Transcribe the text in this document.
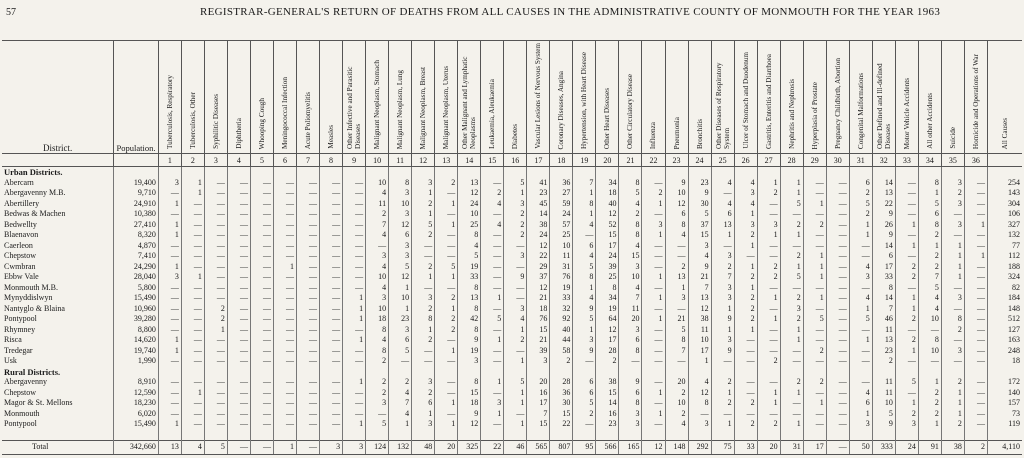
57	REGISTRAR-GENERAL'S RETURN OF DEATHS FROM ALL CAUSES IN THE ADMINISTRATIVE COUNTY OF MONMOUTH FOR THE YEAR 1963
District.	Population.	Tuberculosis, Respiratory	Tuberculosis, Other	Syphilitic Diseases	Diphtheria	Whooping Cough	Meningococcal Infection	Acute Poliomyelitis	Measles	Other Infective and Parasitic Diseases	Malignant Neoplasm, Stomach	Malignant Neoplasm, Lung	Malignant Neoplasm, Breast	Malignant Neoplasm, Uterus	Other Malignant and Lymphatic Neoplasms	Leukaemia, Aleukaemia	Diabetes	Vascular Lesions of Nervous System	Coronary Diseases, Angina	Hypertension, with Heart Disease	Other Heart Diseases	Other Circulatory Disease	Influenza	Pneumonia	Bronchitis	Other Diseases of Respiratory System	Ulcer of Stomach and Duodenum	Gastritis, Enteritis and Diarrhoea	Nephritis and Nephrosis	Hyperplasia of Prostate	Pregnancy Childbirth, Abortion	Congenital Malformations	Other Defined and Ill-defined Diseases	Motor Vehicle Accidents	All other Accidents	Suicide	Homicide and Operations of War	All Causes
		1	2	3	4	5	6	7	8	9	10	11	12	13	14	15	16	17	18	19	20	21	22	23	24	25	26	27	28	29	30	31	32	33	34	35	36	
Urban Districts.																																						
Abercarn	19,400	3	1	—	—	—	—	—	—	—	10	8	3	2	13	—	5	41	36	7	34	8	—	9	23	4	4	1	1	—	—	6	14	—	8	3	—	254
Abergavenny M.B.	9,710	—	1	—	—	—	—	—	—	—	4	3	1	—	12	2	1	23	27	1	18	5	2	10	9	—	3	2	1	—	—	2	13	—	1	2	—	143
Abertillery	24,910	1	—	—	—	—	—	—	—	—	11	10	2	1	24	4	3	45	59	8	40	4	1	12	30	4	4	—	5	1	—	5	22	—	5	3	—	304
Bedwas & Machen	10,380	—	—	—	—	—	—	—	—	—	2	3	1	—	10	—	2	14	24	1	12	2	—	6	5	6	1	—	—	—	—	2	9	—	6	—	—	106
Bedwellty	27,410	1	—	—	—	—	—	—	—	—	7	12	5	1	25	4	2	38	57	4	52	8	3	8	37	13	3	3	2	2	—	1	26	1	8	3	1	327
Blaenavon	8,320	1	—	—	—	—	—	—	—	—	4	6	2	—	8	—	2	24	25	—	15	8	1	4	15	1	2	1	1	—	—	1	9	—	2	—	—	132
Caerleon	4,870	—	—	—	—	—	—	—	—	—	—	3	—	—	4	—	—	12	10	6	17	4	—	—	3	—	1	—	—	—	—	—	14	1	1	1	—	77
Chepstow	7,410	—	—	—	—	—	—	—	—	—	3	3	—	—	5	—	3	22	11	4	24	15	—	—	4	3	—	—	2	1	—	—	6	—	2	1	1	112
Cwmbran	24,290	1	—	—	—	—	1	—	—	—	4	5	2	5	19	—	—	29	31	5	39	3	—	2	9	2	1	2	1	1	—	4	17	2	2	1	—	188
Ebbw Vale	28,040	3	1	—	—	—	—	—	—	—	10	12	1	1	33	—	9	37	76	8	25	10	1	13	21	7	2	2	5	1	—	3	33	2	7	1	—	324
Monmouth M.B.	5,800	—	—	—	—	—	—	—	—	—	4	1	—	—	8	—	—	12	19	1	8	4	—	1	7	3	1	—	—	—	—	—	8	—	5	—	—	82
Mynyddislwyn	15,490	—	—	—	—	—	—	—	—	1	3	10	3	2	13	1	—	21	33	4	34	7	1	3	13	3	2	1	2	1	—	4	14	1	4	3	—	184
Nantyglo & Blaina	10,960	—	—	2	—	—	—	—	—	1	10	1	2	1	8	—	3	18	32	9	19	11	—	—	12	1	2	—	3	—	—	1	7	1	4	—	—	148
Pontypool	39,280	—	—	2	—	—	—	—	—	1	18	23	8	2	42	5	4	76	92	5	64	20	1	21	38	9	2	1	2	5	—	5	46	2	10	8	—	512
Rhymney	8,800	—	—	1	—	—	—	—	—	—	8	3	1	2	8	—	1	15	40	1	12	3	—	5	11	1	1	—	1	—	—	—	11	—	—	2	—	127
Risca	14,620	1	—	—	—	—	—	—	—	1	4	6	2	—	9	1	2	21	44	3	17	6	—	8	10	3	—	—	1	—	—	1	13	2	8	—	—	163
Tredegar	19,740	1	—	—	—	—	—	—	—	—	8	5	—	1	19	—	—	39	58	9	28	8	—	7	17	9	—	—	—	2	—	—	23	1	10	3	—	248
Usk	1,990	—	—	—	—	—	—	—	—	—	2	—	—	—	3	—	1	3	2	—	2	—	—	—	1	—	—	2	—	—	—	—	2	—	—	—	—	18
Rural Districts.																																						
Abergavenny	8,910	—	—	—	—	—	—	—	—	1	2	2	3	—	8	1	5	20	28	6	38	9	—	20	4	2	—	—	2	2	—	—	11	5	1	2	—	172
Chepstow	12,590	—	1	—	—	—	—	—	—	—	2	4	2	—	15	—	1	16	36	6	15	6	1	2	12	1	—	1	1	—	—	4	11	—	2	1	—	140
Magor & St. Mellons	18,230	—	—	—	—	—	—	—	—	—	3	7	6	1	18	3	1	17	30	5	14	8	—	10	8	2	2	1	—	1	—	6	10	1	2	1	—	157
Monmouth	6,020	—	—	—	—	—	—	—	—	—	—	4	1	—	9	1	—	7	15	2	16	3	1	2	—	—	—	—	—	—	—	1	5	2	2	1	—	73
Pontypool	15,490	1	—	—	—	—	—	—	—	1	5	1	3	1	12	—	1	15	22	—	23	3	—	4	3	1	2	2	1	—	—	3	9	3	1	2	—	119

Total	342,660	13	4	5	—	—	1	—	3	3	124	132	48	20	325	22	46	565	807	95	566	165	12	148	292	75	33	20	31	17	—	50	333	24	91	38	2	4,110
